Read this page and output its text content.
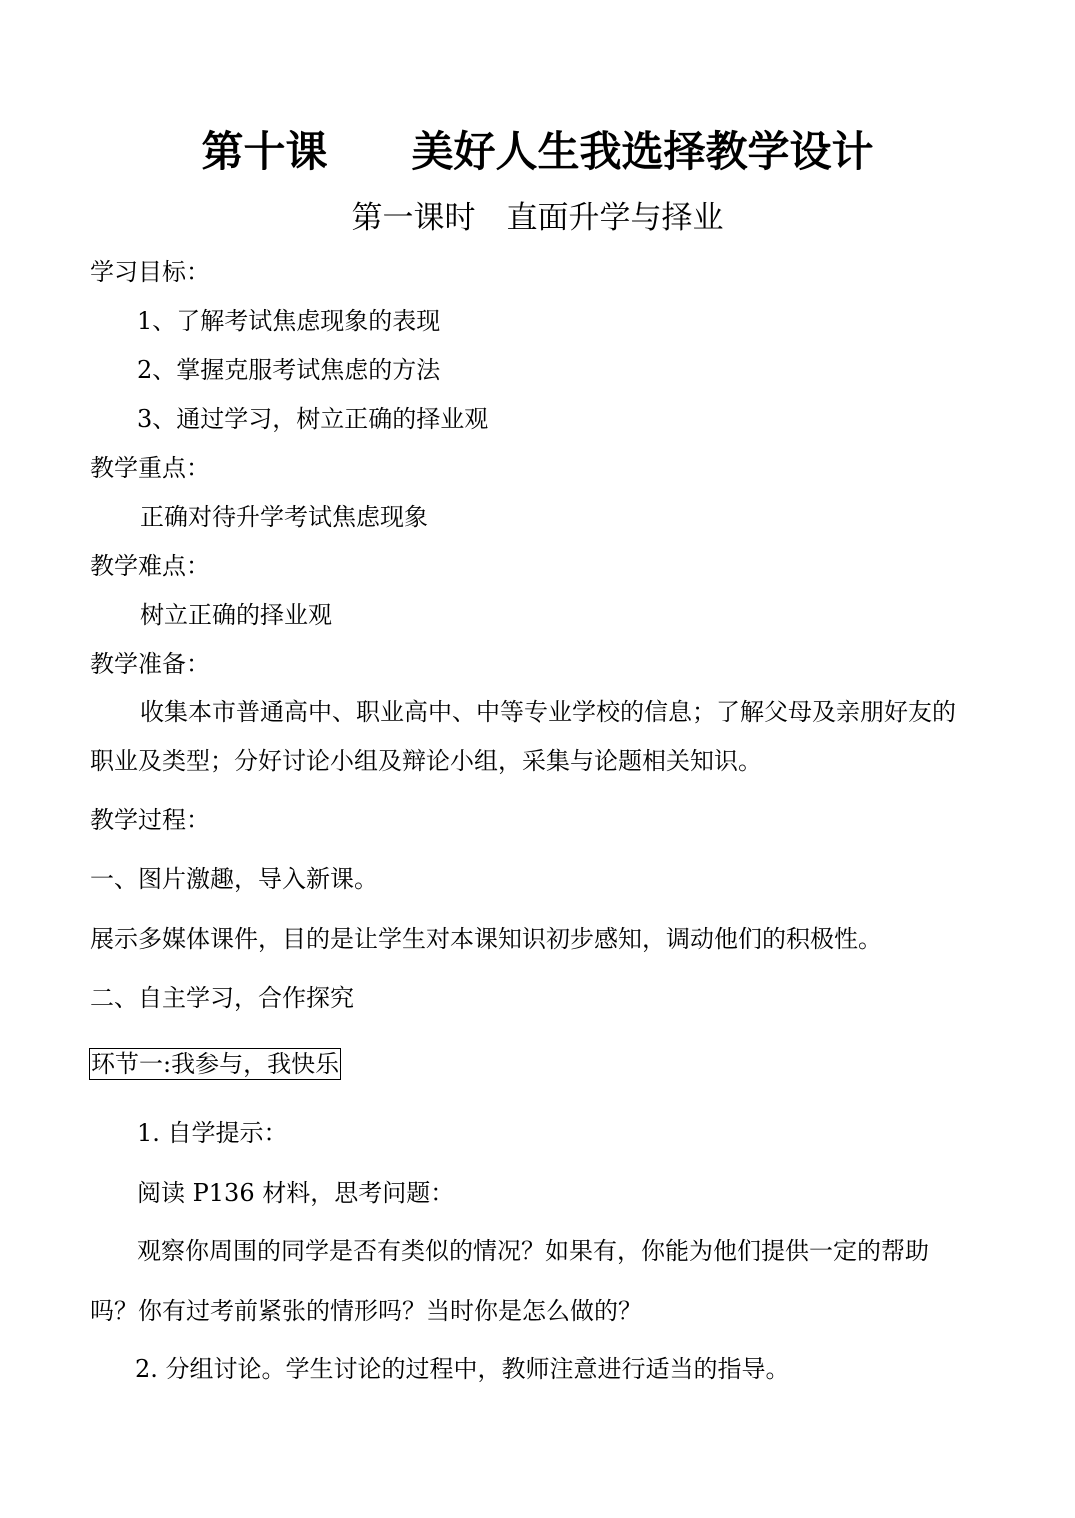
第十课　　美好人生我选择教学设计
第一课时　直面升学与择业
学习目标：
1、了解考试焦虑现象的表现
2、掌握克服考试焦虑的方法
3、通过学习，树立正确的择业观
教学重点：
正确对待升学考试焦虑现象
教学难点：
树立正确的择业观
教学准备：
收集本市普通高中、职业高中、中等专业学校的信息；了解父母及亲朋好友的
职业及类型；分好讨论小组及辩论小组，采集与论题相关知识。
教学过程：
一、图片激趣，导入新课。
展示多媒体课件，目的是让学生对本课知识初步感知，调动他们的积极性。
二、自主学习，合作探究
环节一:我参与，我快乐
1. 自学提示：
阅读 P136 材料，思考问题：
观察你周围的同学是否有类似的情况？如果有，你能为他们提供一定的帮助
吗？你有过考前紧张的情形吗？当时你是怎么做的？
2. 分组讨论。学生讨论的过程中，教师注意进行适当的指导。
